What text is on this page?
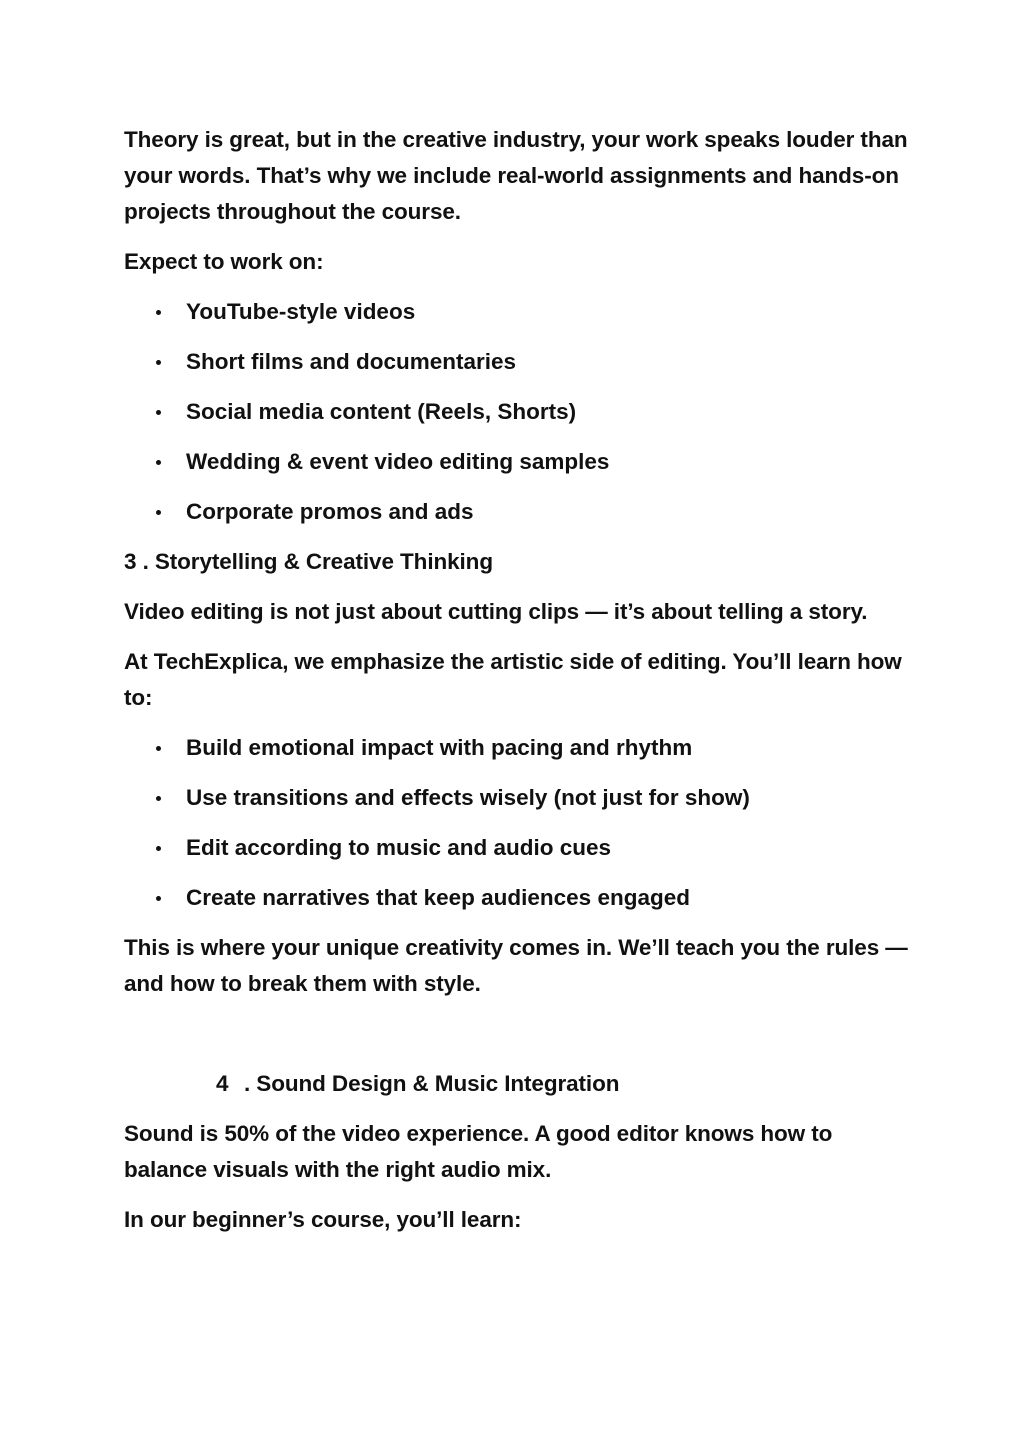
Theory is great, but in the creative industry, your work speaks louder than your words. That’s why we include real-world assignments and hands-on projects throughout the course.

Expect to work on:

YouTube-style videos
Short films and documentaries
Social media content (Reels, Shorts)
Wedding & event video editing samples
Corporate promos and ads

3 . Storytelling & Creative Thinking

Video editing is not just about cutting clips — it’s about telling a story.

At TechExplica, we emphasize the artistic side of editing. You’ll learn how to:

Build emotional impact with pacing and rhythm
Use transitions and effects wisely (not just for show)
Edit according to music and audio cues
Create narratives that keep audiences engaged

This is where your unique creativity comes in. We’ll teach you the rules — and how to break them with style.

4 . Sound Design & Music Integration

Sound is 50% of the video experience. A good editor knows how to balance visuals with the right audio mix.

In our beginner’s course, you’ll learn:
